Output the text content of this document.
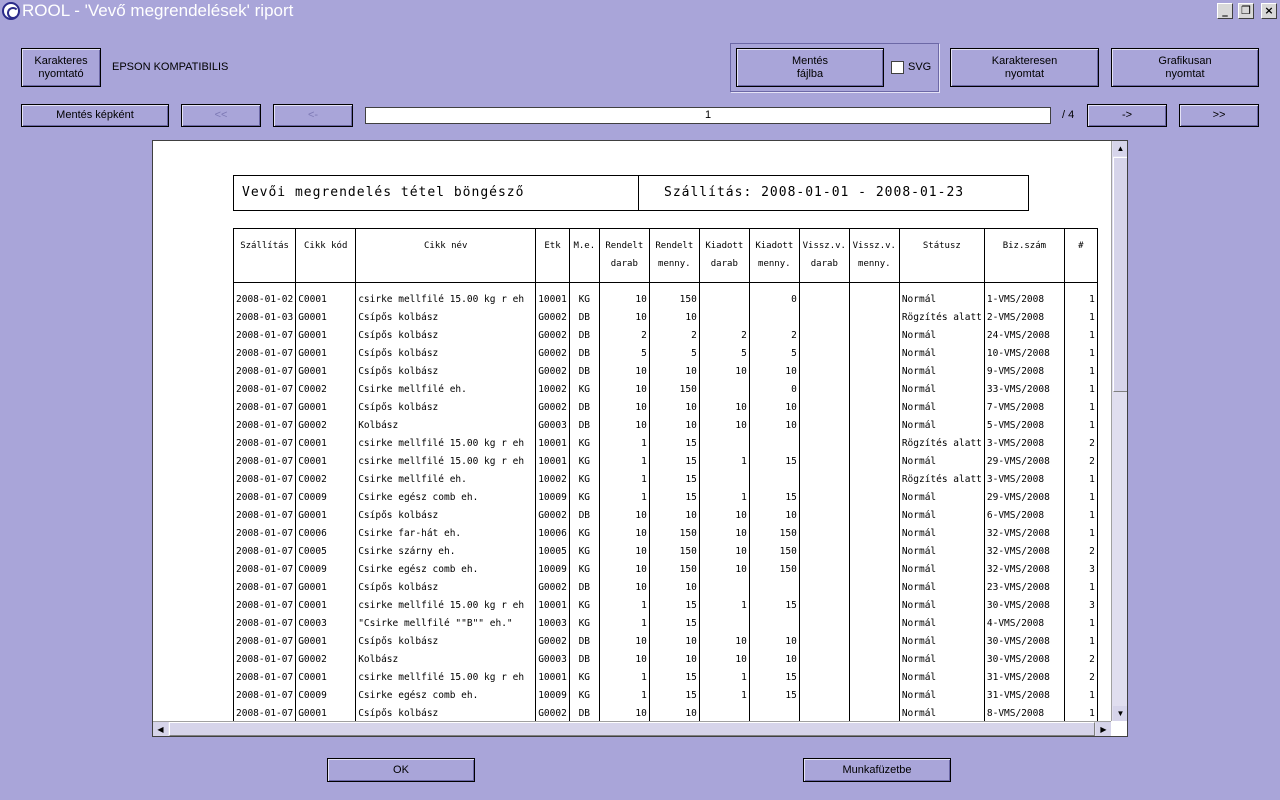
ROOL - 'Vevő megrendelések' riport	_	❐	×
Karakteres
nyomtató
EPSON KOMPATIBILIS
Mentés
fájlba
SVG
Karakteresen
nyomtat
Grafikusan
nyomtat
Mentés képként	<<	<-	1	/ 4	->	>>
Vevői megrendelés tétel böngésző	Szállítás: 2008-01-01 - 2008-01-23
Szállítás	Cikk kód	Cikk név	Etk	M.e.	Rendelt
darab	Rendelt
menny.	Kiadott
darab	Kiadott
menny.	Vissz.v.
darab	Vissz.v.
menny.	Státusz	Biz.szám	#

2008-01-02	C0001	csirke mellfilé 15.00 kg r eh	10001	KG	10	150		0			Normál	1-VMS/2008	1
2008-01-03	G0001	Csípős kolbász	G0002	DB	10	10					Rögzítés alatt	2-VMS/2008	1
2008-01-07	G0001	Csípős kolbász	G0002	DB	2	2	2	2			Normál	24-VMS/2008	1
2008-01-07	G0001	Csípős kolbász	G0002	DB	5	5	5	5			Normál	10-VMS/2008	1
2008-01-07	G0001	Csípős kolbász	G0002	DB	10	10	10	10			Normál	9-VMS/2008	1
2008-01-07	C0002	Csirke mellfilé eh.	10002	KG	10	150		0			Normál	33-VMS/2008	1
2008-01-07	G0001	Csípős kolbász	G0002	DB	10	10	10	10			Normál	7-VMS/2008	1
2008-01-07	G0002	Kolbász	G0003	DB	10	10	10	10			Normál	5-VMS/2008	1
2008-01-07	C0001	csirke mellfilé 15.00 kg r eh	10001	KG	1	15					Rögzítés alatt	3-VMS/2008	2
2008-01-07	C0001	csirke mellfilé 15.00 kg r eh	10001	KG	1	15	1	15			Normál	29-VMS/2008	2
2008-01-07	C0002	Csirke mellfilé eh.	10002	KG	1	15					Rögzítés alatt	3-VMS/2008	1
2008-01-07	C0009	Csirke egész comb eh.	10009	KG	1	15	1	15			Normál	29-VMS/2008	1
2008-01-07	G0001	Csípős kolbász	G0002	DB	10	10	10	10			Normál	6-VMS/2008	1
2008-01-07	C0006	Csirke far-hát eh.	10006	KG	10	150	10	150			Normál	32-VMS/2008	1
2008-01-07	C0005	Csirke szárny eh.	10005	KG	10	150	10	150			Normál	32-VMS/2008	2
2008-01-07	C0009	Csirke egész comb eh.	10009	KG	10	150	10	150			Normál	32-VMS/2008	3
2008-01-07	G0001	Csípős kolbász	G0002	DB	10	10					Normál	23-VMS/2008	1
2008-01-07	C0001	csirke mellfilé 15.00 kg r eh	10001	KG	1	15	1	15			Normál	30-VMS/2008	3
2008-01-07	C0003	"Csirke mellfilé ""B"" eh."	10003	KG	1	15					Normál	4-VMS/2008	1
2008-01-07	G0001	Csípős kolbász	G0002	DB	10	10	10	10			Normál	30-VMS/2008	1
2008-01-07	G0002	Kolbász	G0003	DB	10	10	10	10			Normál	30-VMS/2008	2
2008-01-07	C0001	csirke mellfilé 15.00 kg r eh	10001	KG	1	15	1	15			Normál	31-VMS/2008	2
2008-01-07	C0009	Csirke egész comb eh.	10009	KG	1	15	1	15			Normál	31-VMS/2008	1
2008-01-07	G0001	Csípős kolbász	G0002	DB	10	10					Normál	8-VMS/2008	1
▲
▼
◀	▶
OK	Munkafüzetbe
